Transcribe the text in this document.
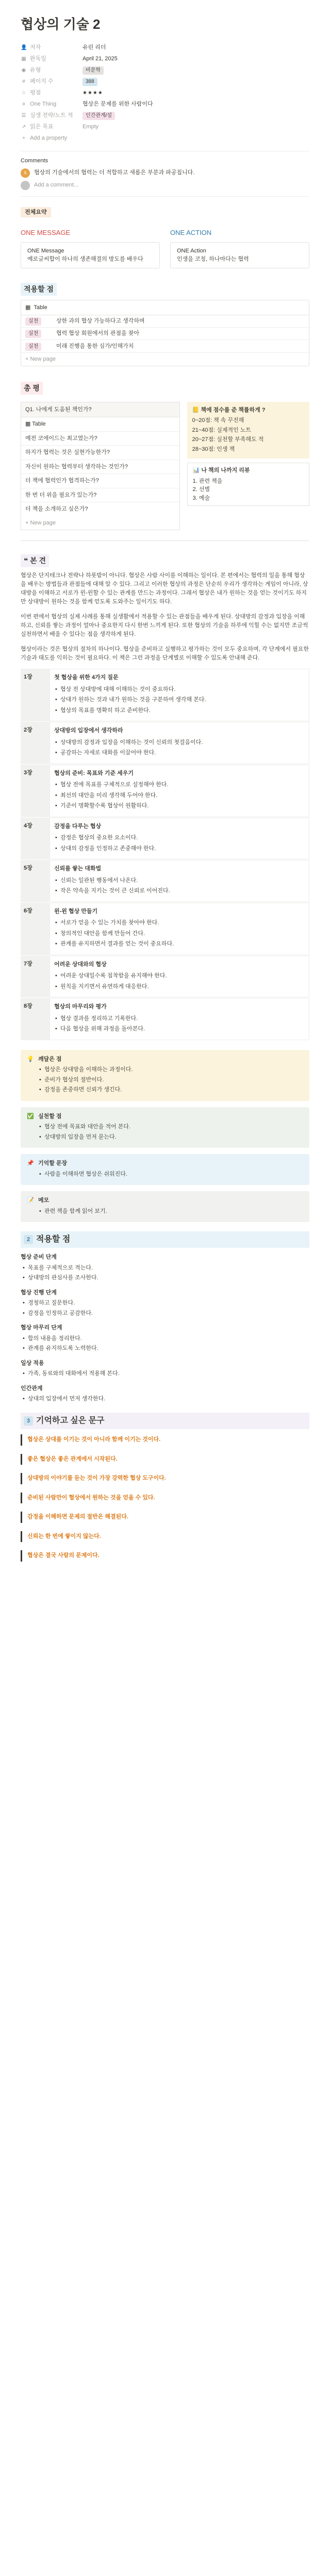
협상의 기술 2
👤 저자	유린 리더
▦ 완독일	April 21, 2025
◉ 유형	비문학
# 페이지 수	388
☆ 평점	★★★★
≡ One Thing	협상은 문제를 위한 사람이다
☰ 실생 전략/노트 적	인간관계/설
↗ 읽은 목표	Empty
+ Add a property
Comments
s	협상의 기술에서의 협력는 더 적합하고 새롭은 부분과 파공칩니다.
Add a comment...
전체요약
ONE MESSAGE
ONE Message
예로글씨합이 하나의 생존해결의 방도를 배우다
ONE ACTION
ONE Action
인생을 코칭, 하나마다는 협력
적용할 점
▦ Table
실천	상한 과의 협상 가능하다고 생각하며
실천	협력 협상 회원에서의 관점을 찾아
실천	미래 진행을 통한 심가/인해가치
+ New page
총 평
Q1. 나에게 도움된 책인가?
▦ Table
예전 코에이드는 최고였는가?
하지가 협력는 것은 실현가능한가?
자신이 원하는 협력부터 생각하는 것인가?
더 책에 협력인가 협격하는가?
한 번 더 위을 필요가 있는가?
더 책을 소개하고 싶은가?
+ New page
📒 책에 점수를 준 책률하게 ?
0~20점: 책 속 꾸진해
21~40점: 실제적인 노트
20~27점: 실천할 부족해도 적
28~30점: 인생 책
📊 나 책의 나까지 리뷰
1. 관련 책을
2. 선별
3. 예술
❝ 본 견

협상은 단지테크나 전략나 하룻밤이 아니다. 협상은 사람 사이를 이해하는 일이다. 본 편에서는 협력의 일을 통해 협상을 배우는 방법들과 관점들에 대해 알 수 있다. 그리고 이러한 협상의 과정은 단순히 우리가 생각하는 게임이 아니라, 상대방을 이해하고 서로가 윈-윈할 수 있는 관계를 만드는 과정이다. 그래서 협상은 내가 원하는 것을 얻는 것이기도 하지만 상대방이 원하는 것을 함께 얻도록 도와주는 일이기도 하다.

이번 편에서 협상의 실제 사례를 통해 실생활에서 적용할 수 있는 관점들을 배우게 된다. 상대방의 감정과 입장을 이해하고, 신뢰를 쌓는 과정이 얼마나 중요한지 다시 한번 느끼게 된다. 또한 협상의 기술을 하루에 익힐 수는 없지만 조금씩 실천하면서 배울 수 있다는 점을 생각하게 된다.

협상이라는 것은 협상의 절차의 하나이다. 협상을 준비하고 실행하고 평가하는 것이 모두 중요하며, 각 단계에서 필요한 기술과 태도를 익히는 것이 필요하다. 이 책은 그런 과정을 단계별로 이해할 수 있도록 안내해 준다.

1장	첫 협상을 위한 4가지 질문
• 협상 전 상대방에 대해 이해하는 것이 중요하다.
• 상대가 원하는 것과 내가 원하는 것을 구분하여 생각해 본다.
• 협상의 목표를 명확히 하고 준비한다.
2장	상대방의 입장에서 생각하라
• 상대방의 감정과 입장을 이해하는 것이 신뢰의 첫걸음이다.
• 공감하는 자세로 대화를 이끌어야 한다.
3장	협상의 준비: 목표와 기준 세우기
• 협상 전에 목표를 구체적으로 설정해야 한다.
• 최선의 대안을 미리 생각해 두어야 한다.
• 기준이 명확할수록 협상이 원활하다.
4장	감정을 다루는 협상
• 감정은 협상의 중요한 요소이다.
• 상대의 감정을 인정하고 존중해야 한다.
5장	신뢰를 쌓는 대화법
• 신뢰는 일관된 행동에서 나온다.
• 작은 약속을 지키는 것이 큰 신뢰로 이어진다.
6장	윈-윈 협상 만들기
• 서로가 얻을 수 있는 가치를 찾아야 한다.
• 창의적인 대안을 함께 만들어 간다.
• 관계를 유지하면서 결과를 얻는 것이 중요하다.
7장	어려운 상대와의 협상
• 어려운 상대일수록 침착함을 유지해야 한다.
• 원칙을 지키면서 유연하게 대응한다.
8장	협상의 마무리와 평가
• 협상 결과를 정리하고 기록한다.
• 다음 협상을 위해 과정을 돌아본다.
💡 깨달은 점
• 협상은 상대방을 이해하는 과정이다.
• 준비가 협상의 절반이다.
• 감정을 존중하면 신뢰가 생긴다.
✅ 실천할 점
• 협상 전에 목표와 대안을 적어 본다.
• 상대방의 입장을 먼저 묻는다.
📌 기억할 문장
• 사람을 이해하면 협상은 쉬워진다.
📝 메모
• 관련 책을 함께 읽어 보기.
2 적용할 점
협상 준비 단계
• 목표를 구체적으로 적는다.
• 상대방의 관심사를 조사한다.
협상 진행 단계
• 경청하고 질문한다.
• 감정을 인정하고 공감한다.
협상 마무리 단계
• 합의 내용을 정리한다.
• 관계를 유지하도록 노력한다.
일상 적용
• 가족, 동료와의 대화에서 적용해 본다.
인간관계
• 상대의 입장에서 먼저 생각한다.
3 기억하고 싶은 문구
협상은 상대를 이기는 것이 아니라 함께 이기는 것이다.
좋은 협상은 좋은 관계에서 시작된다.
상대방의 이야기를 듣는 것이 가장 강력한 협상 도구이다.
준비된 사람만이 협상에서 원하는 것을 얻을 수 있다.
감정을 이해하면 문제의 절반은 해결된다.
신뢰는 한 번에 쌓이지 않는다.
협상은 결국 사람의 문제이다.
